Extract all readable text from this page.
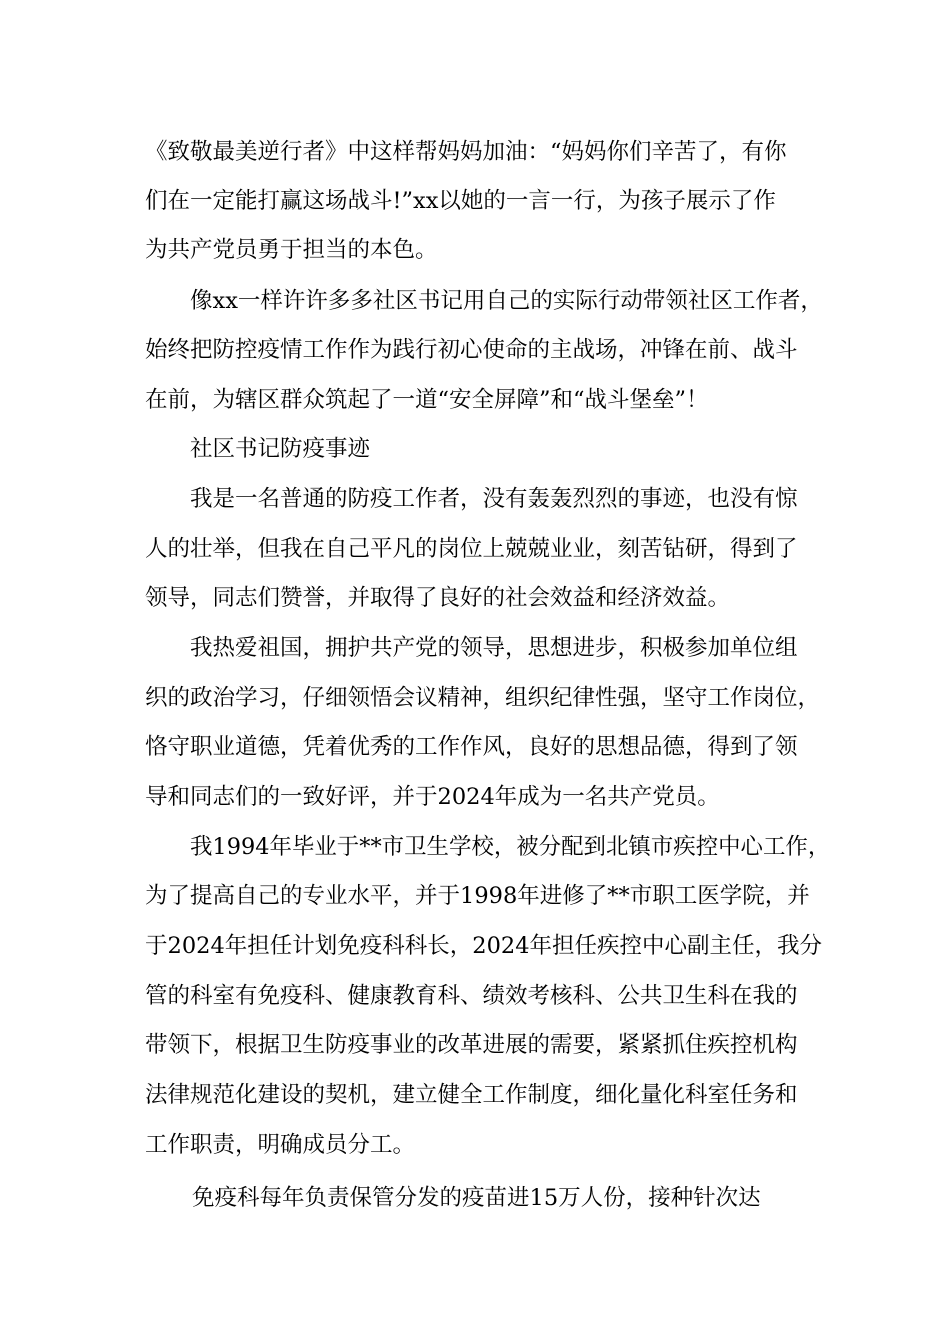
《致敬最美逆行者》中这样帮妈妈加油：“妈妈你们辛苦了，有你
们在一定能打赢这场战斗!”xx以她的一言一行，为孩子展示了作
为共产党员勇于担当的本色。
像xx一样许许多多社区书记用自己的实际行动带领社区工作者，
始终把防控疫情工作作为践行初心使命的主战场，冲锋在前、战斗
在前，为辖区群众筑起了一道“安全屏障”和“战斗堡垒”！
社区书记防疫事迹
我是一名普通的防疫工作者，没有轰轰烈烈的事迹，也没有惊
人的壮举，但我在自己平凡的岗位上兢兢业业，刻苦钻研，得到了
领导，同志们赞誉，并取得了良好的社会效益和经济效益。
我热爱祖国，拥护共产党的领导，思想进步，积极参加单位组
织的政治学习，仔细领悟会议精神，组织纪律性强，坚守工作岗位，
恪守职业道德，凭着优秀的工作作风，良好的思想品德，得到了领
导和同志们的一致好评，并于2024年成为一名共产党员。
我1994年毕业于**市卫生学校，被分配到北镇市疾控中心工作，
为了提高自己的专业水平，并于1998年进修了**市职工医学院，并
于2024年担任计划免疫科科长，2024年担任疾控中心副主任，我分
管的科室有免疫科、健康教育科、绩效考核科、公共卫生科在我的
带领下，根据卫生防疫事业的改革进展的需要，紧紧抓住疾控机构
法律规范化建设的契机，建立健全工作制度，细化量化科室任务和
工作职责，明确成员分工。
免疫科每年负责保管分发的疫苗进15万人份，接种针次达
